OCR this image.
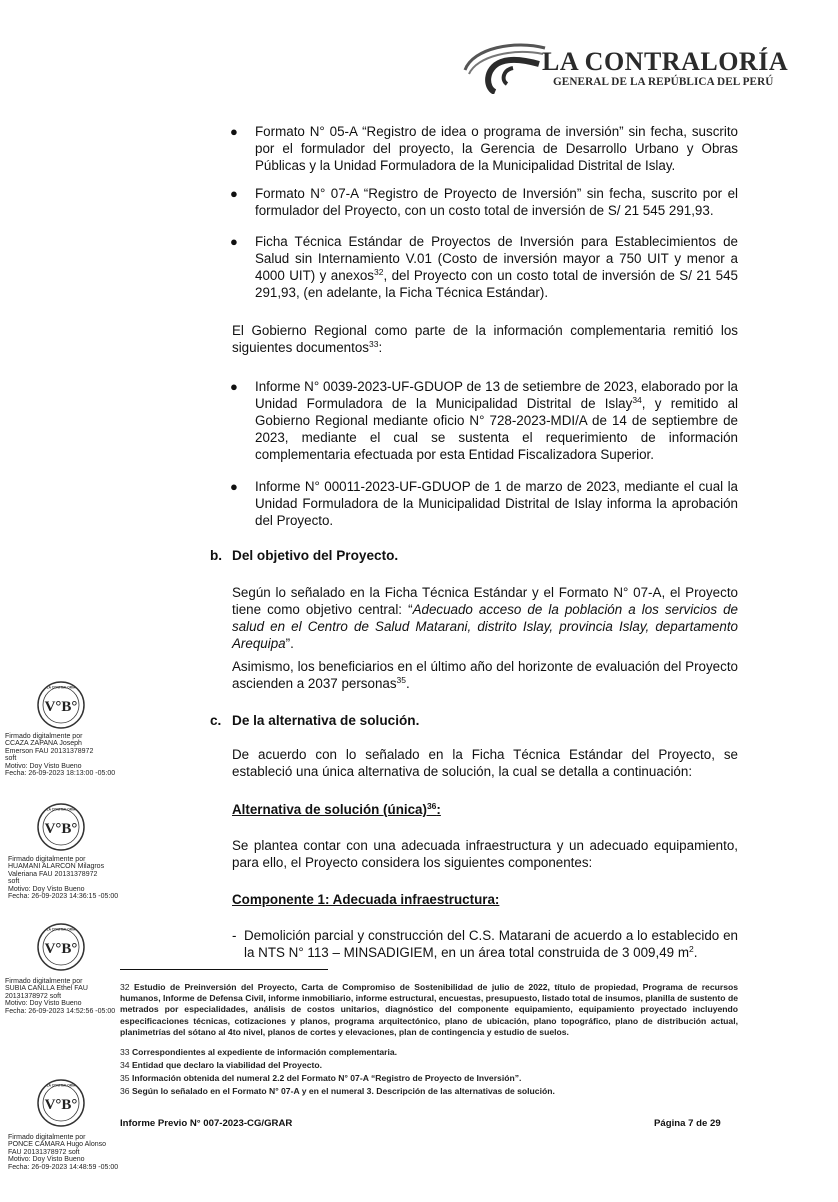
LA CONTRALORÍA
GENERAL DE LA REPÚBLICA DEL PERÚ
● Formato N° 05-A “Registro de idea o programa de inversión” sin fecha, suscrito por el formulador del proyecto, la Gerencia de Desarrollo Urbano y Obras Públicas y la Unidad Formuladora de la Municipalidad Distrital de Islay.
● Formato N° 07-A “Registro de Proyecto de Inversión” sin fecha, suscrito por el formulador del Proyecto, con un costo total de inversión de S/ 21 545 291,93.
● Ficha Técnica Estándar de Proyectos de Inversión para Establecimientos de Salud sin Internamiento V.01 (Costo de inversión mayor a 750 UIT y menor a 4000 UIT) y anexos$^{32}$, del Proyecto con un costo total de inversión de S/ 21 545 291,93, (en adelante, la Ficha Técnica Estándar).
El Gobierno Regional como parte de la información complementaria remitió los siguientes documentos$^{33}$:
● Informe N° 0039-2023-UF-GDUOP de 13 de setiembre de 2023, elaborado por la Unidad Formuladora de la Municipalidad Distrital de Islay$^{34}$, y remitido al Gobierno Regional mediante oficio N° 728-2023-MDI/A de 14 de septiembre de 2023, mediante el cual se sustenta el requerimiento de información complementaria efectuada por esta Entidad Fiscalizadora Superior.
● Informe N° 00011-2023-UF-GDUOP de 1 de marzo de 2023, mediante el cual la Unidad Formuladora de la Municipalidad Distrital de Islay informa la aprobación del Proyecto.
b. Del objetivo del Proyecto.
Según lo señalado en la Ficha Técnica Estándar y el Formato N° 07-A, el Proyecto tiene como objetivo central: “Adecuado acceso de la población a los servicios de salud en el Centro de Salud Matarani, distrito Islay, provincia Islay, departamento Arequipa”.
Asimismo, los beneficiarios en el último año del horizonte de evaluación del Proyecto ascienden a 2037 personas$^{35}$.
c. De la alternativa de solución.
De acuerdo con lo señalado en la Ficha Técnica Estándar del Proyecto, se estableció una única alternativa de solución, la cual se detalla a continuación:
Alternativa de solución (única)$^{36}$:
Se plantea contar con una adecuada infraestructura y un adecuado equipamiento, para ello, el Proyecto considera los siguientes componentes:
Componente 1: Adecuada infraestructura:
- Demolición parcial y construcción del C.S. Matarani de acuerdo a lo establecido en la NTS N° 113 – MINSADIGIEM, en un área total construida de 3 009,49 $m^2$.
32 Estudio de Preinversión del Proyecto, Carta de Compromiso de Sostenibilidad de julio de 2022, título de propiedad, Programa de recursos humanos, Informe de Defensa Civil, informe inmobiliario, informe estructural, encuestas, presupuesto, listado total de insumos, planilla de sustento de metrados por especialidades, análisis de costos unitarios, diagnóstico del componente equipamiento, equipamiento proyectado incluyendo especificaciones técnicas, cotizaciones y planos, programa arquitectónico, plano de ubicación, plano topográfico, plano de distribución actual, planimetrías del sótano al 4to nivel, planos de cortes y elevaciones, plan de contingencia y estudio de suelos.
33 Correspondientes al expediente de información complementaria.
34 Entidad que declaro la viabilidad del Proyecto.
35 Información obtenida del numeral 2.2 del Formato N° 07-A “Registro de Proyecto de Inversión”.
36 Según lo señalado en el Formato N° 07-A y en el numeral 3. Descripción de las alternativas de solución.
Informe Previo N° 007-2023-CG/GRAR	Página 7 de 29
LA CONTRALORÍA
V°B°
Firmado digitalmente por
CCAZA ZAPANA Joseph
Emerson FAU 20131378972
soft
Motivo: Doy Visto Bueno
Fecha: 26-09-2023 18:13:00 -05:00
LA CONTRALORÍA
V°B°
Firmado digitalmente por
HUAMANI ALARCON Milagros
Valeriana FAU 20131378972
soft
Motivo: Doy Visto Bueno
Fecha: 26-09-2023 14:36:15 -05:00
LA CONTRALORÍA
V°B°
Firmado digitalmente por
SUBIA CANLLA Ethel FAU
20131378972 soft
Motivo: Doy Visto Bueno
Fecha: 26-09-2023 14:52:56 -05:00
LA CONTRALORÍA
V°B°
Firmado digitalmente por
PONCE CAMARA Hugo Alonso
FAU 20131378972 soft
Motivo: Doy Visto Bueno
Fecha: 26-09-2023 14:48:59 -05:00
